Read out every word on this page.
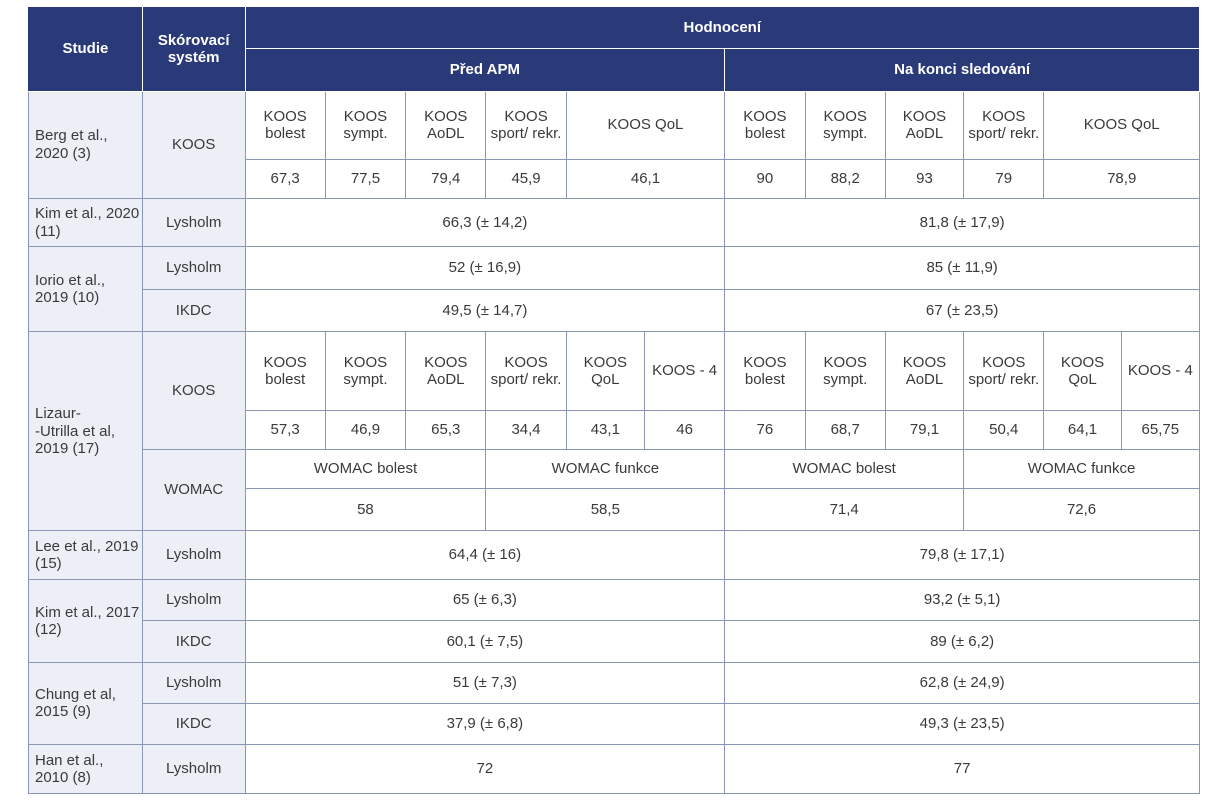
Studie	Skórovací systém	Hodnocení											
		Před APM						Na konci sledování					
Berg et al., 2020 (3)	KOOS	KOOS bolest	KOOS sympt.	KOOS AoDL	KOOS sport/ rekr.	KOOS QoL		KOOS bolest	KOOS sympt.	KOOS AoDL	KOOS sport/ rekr.	KOOS QoL	
		67,3	77,5	79,4	45,9	46,1		90	88,2	93	79	78,9	
Kim et al., 2020 (11)	Lysholm	66,3 (± 14,2)						81,8 (± 17,9)					
Iorio et al., 2019 (10)	Lysholm	52 (± 16,9)						85 (± 11,9)					
	IKDC	49,5 (± 14,7)						67 (± 23,5)					
Lizaur-
-Utrilla et al, 2019 (17)	KOOS	KOOS bolest	KOOS sympt.	KOOS AoDL	KOOS sport/ rekr.	KOOS QoL	KOOS - 4	KOOS bolest	KOOS sympt.	KOOS AoDL	KOOS sport/ rekr.	KOOS QoL	KOOS - 4
		57,3	46,9	65,3	34,4	43,1	46	76	68,7	79,1	50,4	64,1	65,75
	WOMAC	WOMAC bolest			WOMAC funkce			WOMAC bolest			WOMAC funkce		
		58			58,5			71,4			72,6		
Lee et al., 2019 (15)	Lysholm	64,4 (± 16)						79,8 (± 17,1)					
Kim et al., 2017 (12)	Lysholm	65 (± 6,3)						93,2 (± 5,1)					
	IKDC	60,1 (± 7,5)						89 (± 6,2)					
Chung et al, 2015 (9)	Lysholm	51 (± 7,3)						62,8 (± 24,9)					
	IKDC	37,9 (± 6,8)						49,3 (± 23,5)					
Han et al., 2010 (8)	Lysholm	72						77					
